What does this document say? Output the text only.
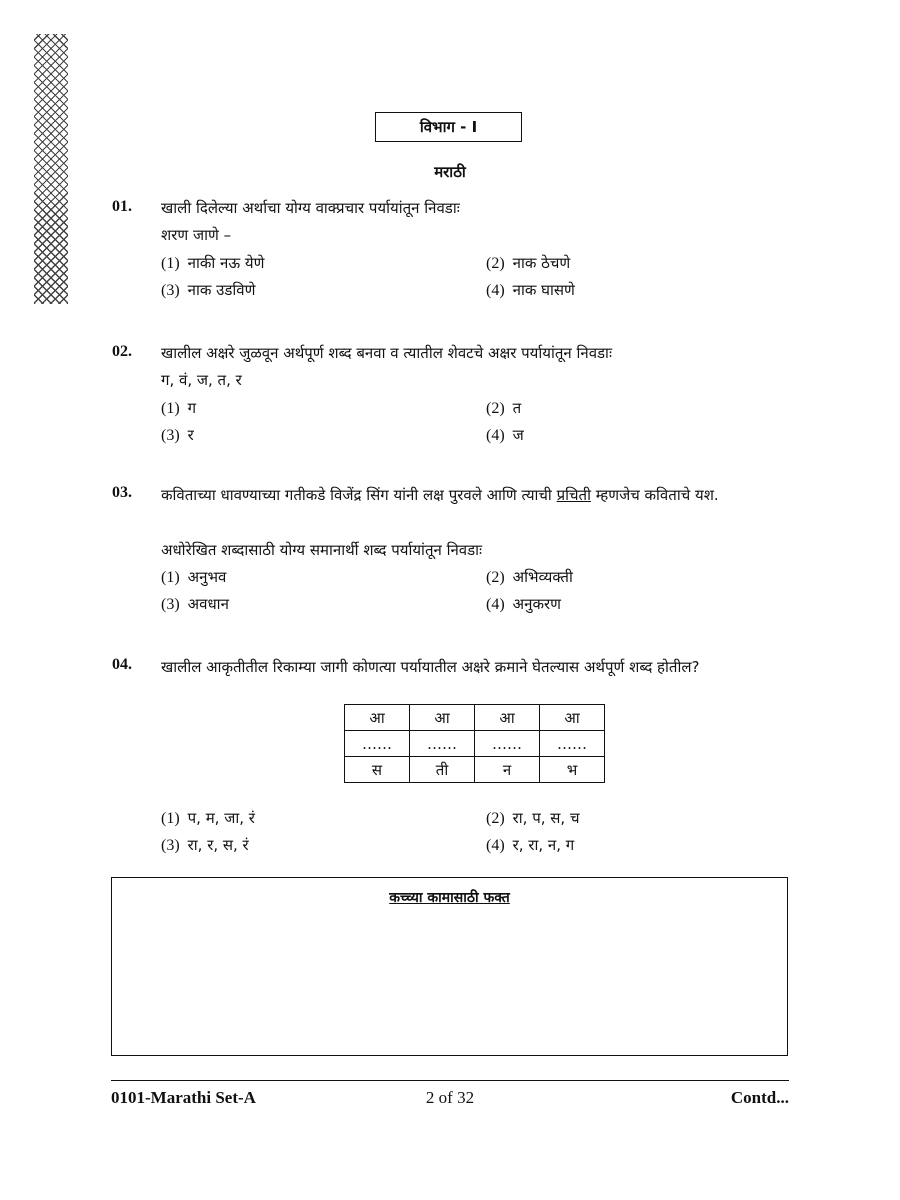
विभाग - I
मराठी
01. खाली दिलेल्या अर्थाचा योग्य वाक्प्रचार पर्यायांतून निवडाः
शरण जाणे –
(1) नाकी नऊ येणे	(2) नाक ठेचणे
(3) नाक उडविणे	(4) नाक घासणे
02. खालील अक्षरे जुळवून अर्थपूर्ण शब्द बनवा व त्यातील शेवटचे अक्षर पर्यायांतून निवडाः
ग, वं, ज, त, र
(1) ग	(2) त
(3) र	(4) ज
03. कविताच्या धावण्याच्या गतीकडे विजेंद्र सिंग यांनी लक्ष पुरवले आणि त्याची प्रचिती म्हणजेच कविताचे यश.
अधोरेखित शब्दासाठी योग्य समानार्थी शब्द पर्यायांतून निवडाः
(1) अनुभव	(2) अभिव्यक्ती
(3) अवधान	(4) अनुकरण
04. खालील आकृतीतील रिकाम्या जागी कोणत्या पर्यायातील अक्षरे क्रमाने घेतल्यास अर्थपूर्ण शब्द होतील?
आ	आ	आ	आ
……	……	……	……
स	ती	न	भ
(1) प, म, जा, रं	(2) रा, प, स, च
(3) रा, र, स, रं	(4) र, रा, न, ग
कच्च्या कामासाठी फक्त
0101-Marathi Set-A	2 of 32	Contd...
